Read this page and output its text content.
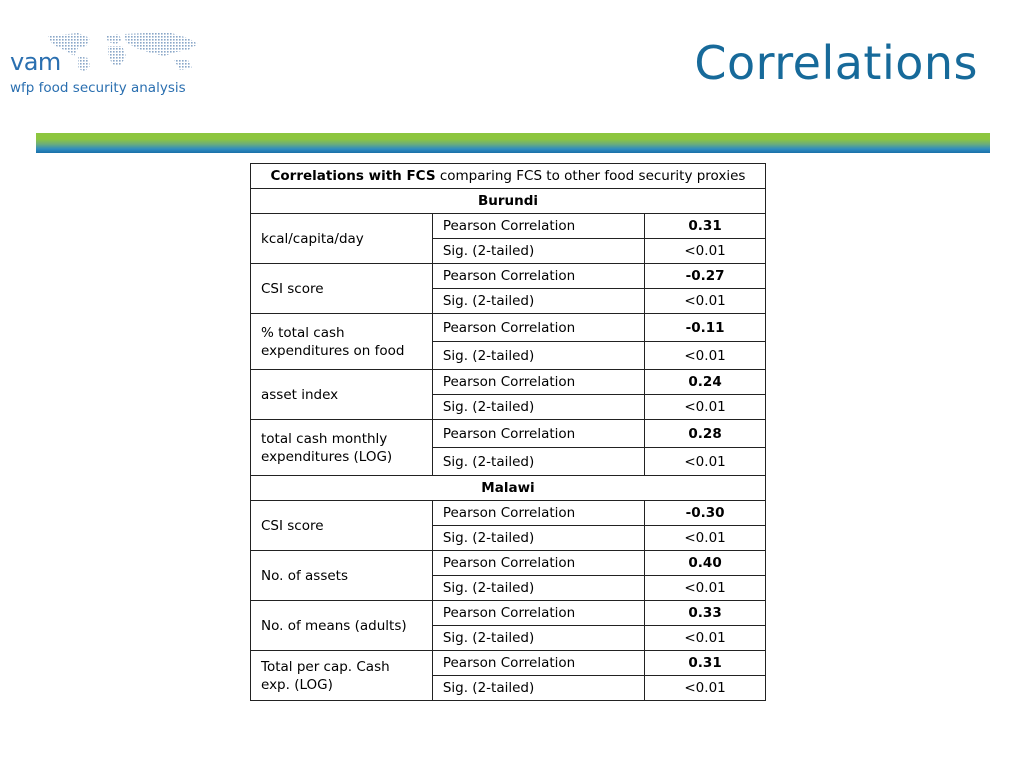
vam
wfp food security analysis	Correlations
Correlations with FCS comparing FCS to other food security proxies		
Burundi		
kcal/capita/day	Pearson Correlation	0.31
	Sig. (2-tailed)	<0.01
CSI score	Pearson Correlation	-0.27
	Sig. (2-tailed)	<0.01
% total cash expenditures on food	Pearson Correlation	-0.11
	Sig. (2-tailed)	<0.01
asset index	Pearson Correlation	0.24
	Sig. (2-tailed)	<0.01
total cash monthly expenditures (LOG)	Pearson Correlation	0.28
	Sig. (2-tailed)	<0.01
Malawi		
CSI score	Pearson Correlation	-0.30
	Sig. (2-tailed)	<0.01
No. of assets	Pearson Correlation	0.40
	Sig. (2-tailed)	<0.01
No. of means (adults)	Pearson Correlation	0.33
	Sig. (2-tailed)	<0.01
Total per cap. Cash exp. (LOG)	Pearson Correlation	0.31
	Sig. (2-tailed)	<0.01
